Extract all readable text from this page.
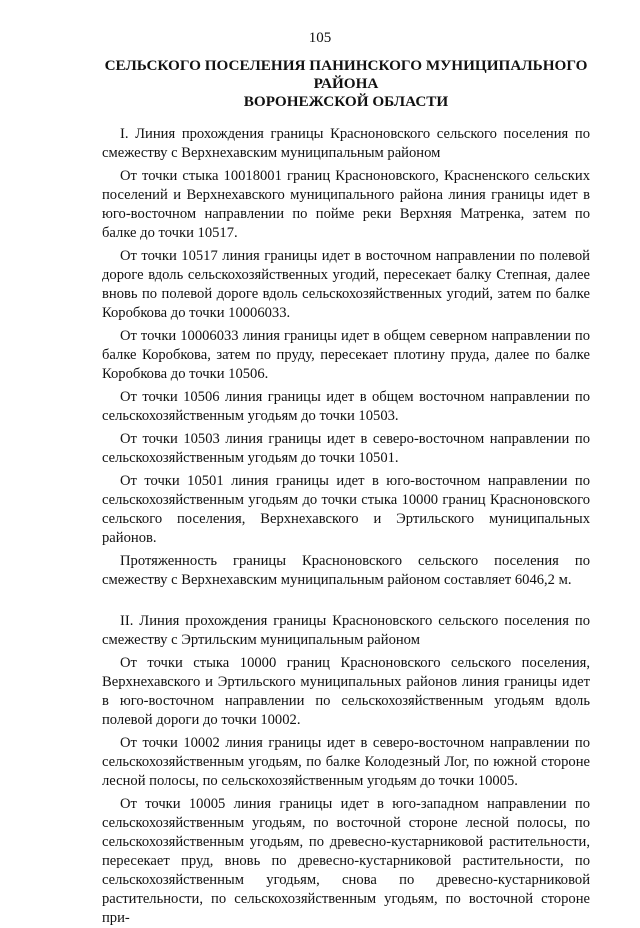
105
СЕЛЬСКОГО ПОСЕЛЕНИЯ ПАНИНСКОГО МУНИЦИПАЛЬНОГО
РАЙОНА
ВОРОНЕЖСКОЙ ОБЛАСТИ

I. Линия прохождения границы Красноновского сельского поселения по смежеству с Верхнехавским муниципальным районом

От точки стыка 10018001 границ Красноновского, Красненского сельских поселений и Верхнехавского муниципального района линия границы идет в юго-восточном направлении по пойме реки Верхняя Матренка, затем по балке до точки 10517.

От точки 10517 линия границы идет в восточном направлении по полевой дороге вдоль сельскохозяйственных угодий, пересекает балку Степная, далее вновь по полевой дороге вдоль сельскохозяйственных угодий, затем по балке Коробкова до точки 10006033.

От точки 10006033 линия границы идет в общем северном направлении по балке Коробкова, затем по пруду, пересекает плотину пруда, далее по балке Коробкова до точки 10506.

От точки 10506 линия границы идет в общем восточном направлении по сельскохозяйственным угодьям до точки 10503.

От точки 10503 линия границы идет в северо-восточном направлении по сельскохозяйственным угодьям до точки 10501.

От точки 10501 линия границы идет в юго-восточном направлении по сельскохозяйственным угодьям до точки стыка 10000 границ Красноновского сельского поселения, Верхнехавского и Эртильского муниципальных районов.

Протяженность границы Красноновского сельского поселения по смежеству с Верхнехавским муниципальным районом составляет 6046,2 м.

II. Линия прохождения границы Красноновского сельского поселения по смежеству с Эртильским муниципальным районом

От точки стыка 10000 границ Красноновского сельского поселения, Верхнехавского и Эртильского муниципальных районов линия границы идет в юго-восточном направлении по сельскохозяйственным угодьям вдоль полевой дороги до точки 10002.

От точки 10002 линия границы идет в северо-восточном направлении по сельскохозяйственным угодьям, по балке Колодезный Лог, по южной стороне лесной полосы, по сельскохозяйственным угодьям до точки 10005.

От точки 10005 линия границы идет в юго-западном направлении по сельскохозяйственным угодьям, по восточной стороне лесной полосы, по сельскохозяйственным угодьям, по древесно-кустарниковой растительности, пересекает пруд, вновь по древесно-кустарниковой растительности, по сельскохозяйственным угодьям, снова по древесно-кустарниковой растительности, по сельскохозяйственным угодьям, по восточной стороне при-
